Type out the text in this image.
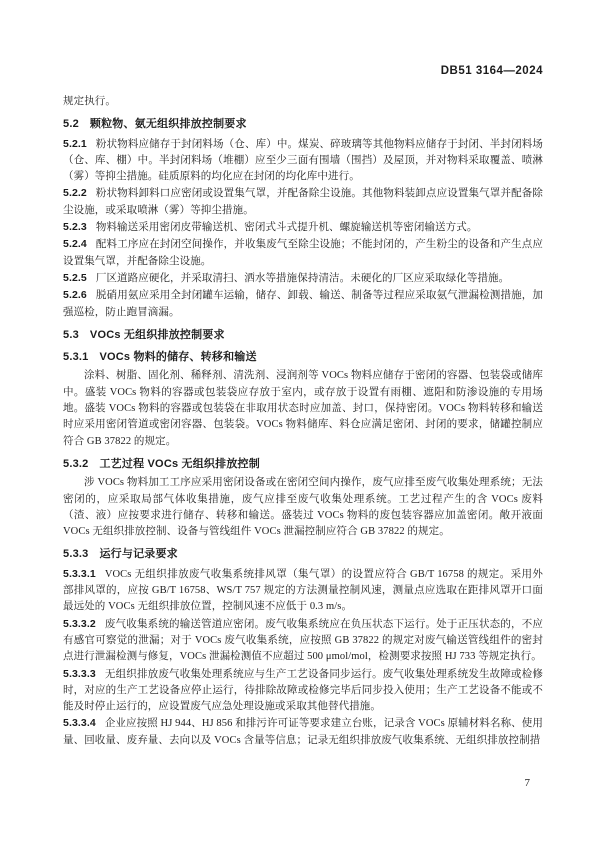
DB51 3164—2024

规定执行。

5.2 颗粒物、氨无组织排放控制要求

5.2.1 粉状物料应储存于封闭料场（仓、库）中。煤炭、碎玻璃等其他物料应储存于封闭、半封闭料场（仓、库、棚）中。半封闭料场（堆棚）应至少三面有围墙（围挡）及屋顶，并对物料采取覆盖、喷淋（雾）等抑尘措施。硅质原料的均化应在封闭的均化库中进行。

5.2.2 粉状物料卸料口应密闭或设置集气罩，并配备除尘设施。其他物料装卸点应设置集气罩并配备除尘设施，或采取喷淋（雾）等抑尘措施。

5.2.3 物料输送采用密闭皮带输送机、密闭式斗式提升机、螺旋输送机等密闭输送方式。

5.2.4 配料工序应在封闭空间操作，并收集废气至除尘设施；不能封闭的，产生粉尘的设备和产生点应设置集气罩，并配备除尘设施。

5.2.5 厂区道路应硬化，并采取清扫、洒水等措施保持清洁。未硬化的厂区应采取绿化等措施。

5.2.6 脱硝用氨应采用全封闭罐车运输，储存、卸载、输送、制备等过程应采取氨气泄漏检测措施，加强巡检，防止跑冒滴漏。

5.3 VOCs 无组织排放控制要求
5.3.1 VOCs 物料的储存、转移和输送

涂料、树脂、固化剂、稀释剂、清洗剂、浸润剂等 VOCs 物料应储存于密闭的容器、包装袋或储库中。盛装 VOCs 物料的容器或包装袋应存放于室内，或存放于设置有雨棚、遮阳和防渗设施的专用场地。盛装 VOCs 物料的容器或包装袋在非取用状态时应加盖、封口，保持密闭。VOCs 物料转移和输送时应采用密闭管道或密闭容器、包装袋。VOCs 物料储库、料仓应满足密闭、封闭的要求，储罐控制应符合 GB 37822 的规定。

5.3.2 工艺过程 VOCs 无组织排放控制

涉 VOCs 物料加工工序应采用密闭设备或在密闭空间内操作，废气应排至废气收集处理系统；无法密闭的，应采取局部气体收集措施，废气应排至废气收集处理系统。工艺过程产生的含 VOCs 废料（渣、液）应按要求进行储存、转移和输送。盛装过 VOCs 物料的废包装容器应加盖密闭。敞开液面 VOCs 无组织排放控制、设备与管线组件 VOCs 泄漏控制应符合 GB 37822 的规定。

5.3.3 运行与记录要求

5.3.3.1 VOCs 无组织排放废气收集系统排风罩（集气罩）的设置应符合 GB/T 16758 的规定。采用外部排风罩的，应按 GB/T 16758、WS/T 757 规定的方法测量控制风速，测量点应选取在距排风罩开口面最远处的 VOCs 无组织排放位置，控制风速不应低于 0.3 m/s。

5.3.3.2 废气收集系统的输送管道应密闭。废气收集系统应在负压状态下运行。处于正压状态的，不应有感官可察觉的泄漏；对于 VOCs 废气收集系统，应按照 GB 37822 的规定对废气输送管线组件的密封点进行泄漏检测与修复，VOCs 泄漏检测值不应超过 500 μmol/mol，检测要求按照 HJ 733 等规定执行。

5.3.3.3 无组织排放废气收集处理系统应与生产工艺设备同步运行。废气收集处理系统发生故障或检修时，对应的生产工艺设备应停止运行，待排除故障或检修完毕后同步投入使用；生产工艺设备不能或不能及时停止运行的，应设置废气应急处理设施或采取其他替代措施。

5.3.3.4 企业应按照 HJ 944、HJ 856 和排污许可证等要求建立台账，记录含 VOCs 原辅材料名称、使用量、回收量、废弃量、去向以及 VOCs 含量等信息；记录无组织排放废气收集系统、无组织排放控制措

7
